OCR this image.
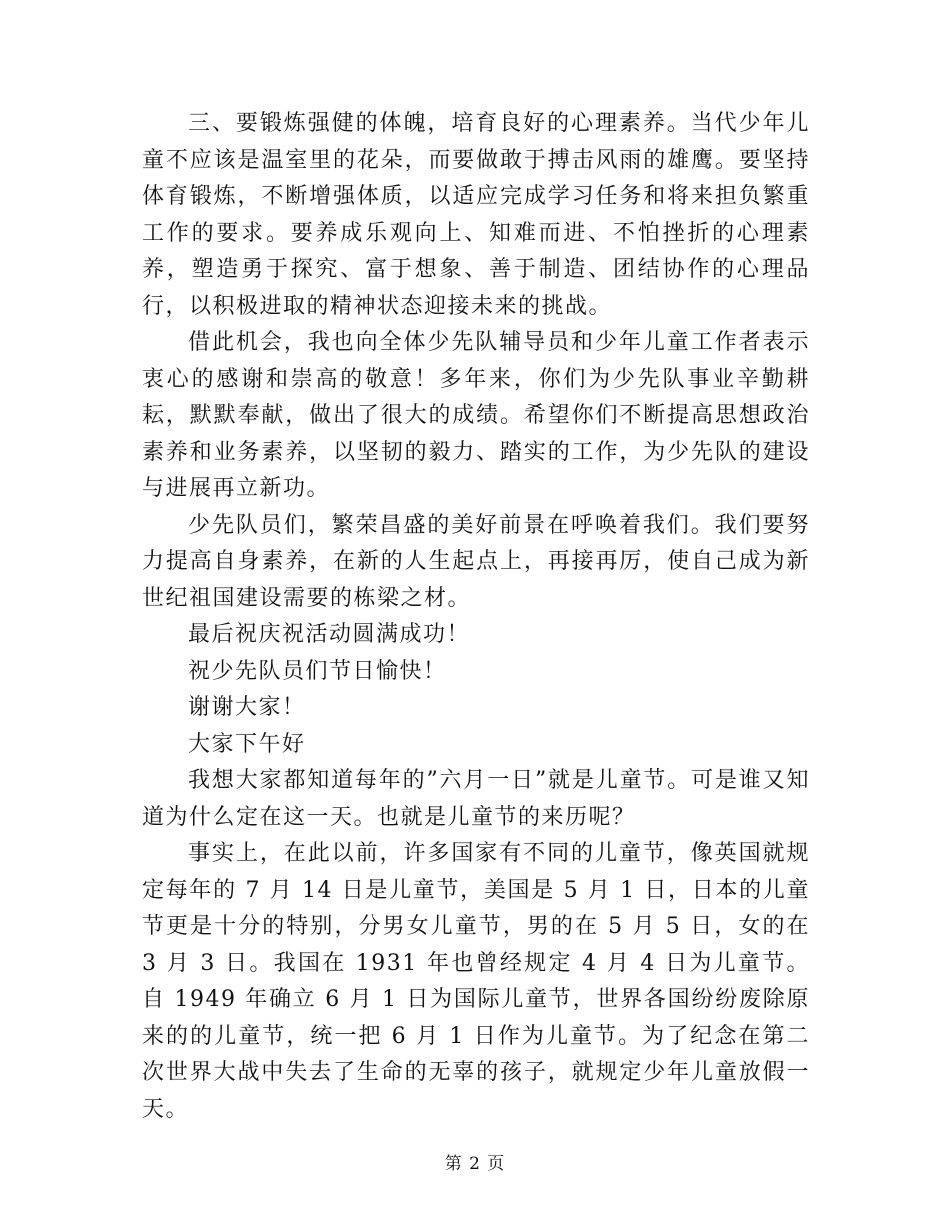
三、要锻炼强健的体魄，培育良好的心理素养。当代少年儿童不应该是温室里的花朵，而要做敢于搏击风雨的雄鹰。要坚持体育锻炼，不断增强体质，以适应完成学习任务和将来担负繁重工作的要求。要养成乐观向上、知难而进、不怕挫折的心理素养，塑造勇于探究、富于想象、善于制造、团结协作的心理品行，以积极进取的精神状态迎接未来的挑战。

借此机会，我也向全体少先队辅导员和少年儿童工作者表示衷心的感谢和崇高的敬意！多年来，你们为少先队事业辛勤耕耘，默默奉献，做出了很大的成绩。希望你们不断提高思想政治素养和业务素养，以坚韧的毅力、踏实的工作，为少先队的建设与进展再立新功。

少先队员们，繁荣昌盛的美好前景在呼唤着我们。我们要努力提高自身素养，在新的人生起点上，再接再厉，使自己成为新世纪祖国建设需要的栋梁之材。

最后祝庆祝活动圆满成功！

祝少先队员们节日愉快！

谢谢大家！

大家下午好

我想大家都知道每年的”六月一日”就是儿童节。可是谁又知道为什么定在这一天。也就是儿童节的来历呢？

事实上，在此以前，许多国家有不同的儿童节，像英国就规定每年的 7 月 14 日是儿童节，美国是 5 月 1 日，日本的儿童节更是十分的特别，分男女儿童节，男的在 5 月 5 日，女的在 3 月 3 日。我国在 1931 年也曾经规定 4 月 4 日为儿童节。自 1949 年确立 6 月 1 日为国际儿童节，世界各国纷纷废除原来的的儿童节，统一把 6 月 1 日作为儿童节。为了纪念在第二次世界大战中失去了生命的无辜的孩子，就规定少年儿童放假一天。

第 2 页
